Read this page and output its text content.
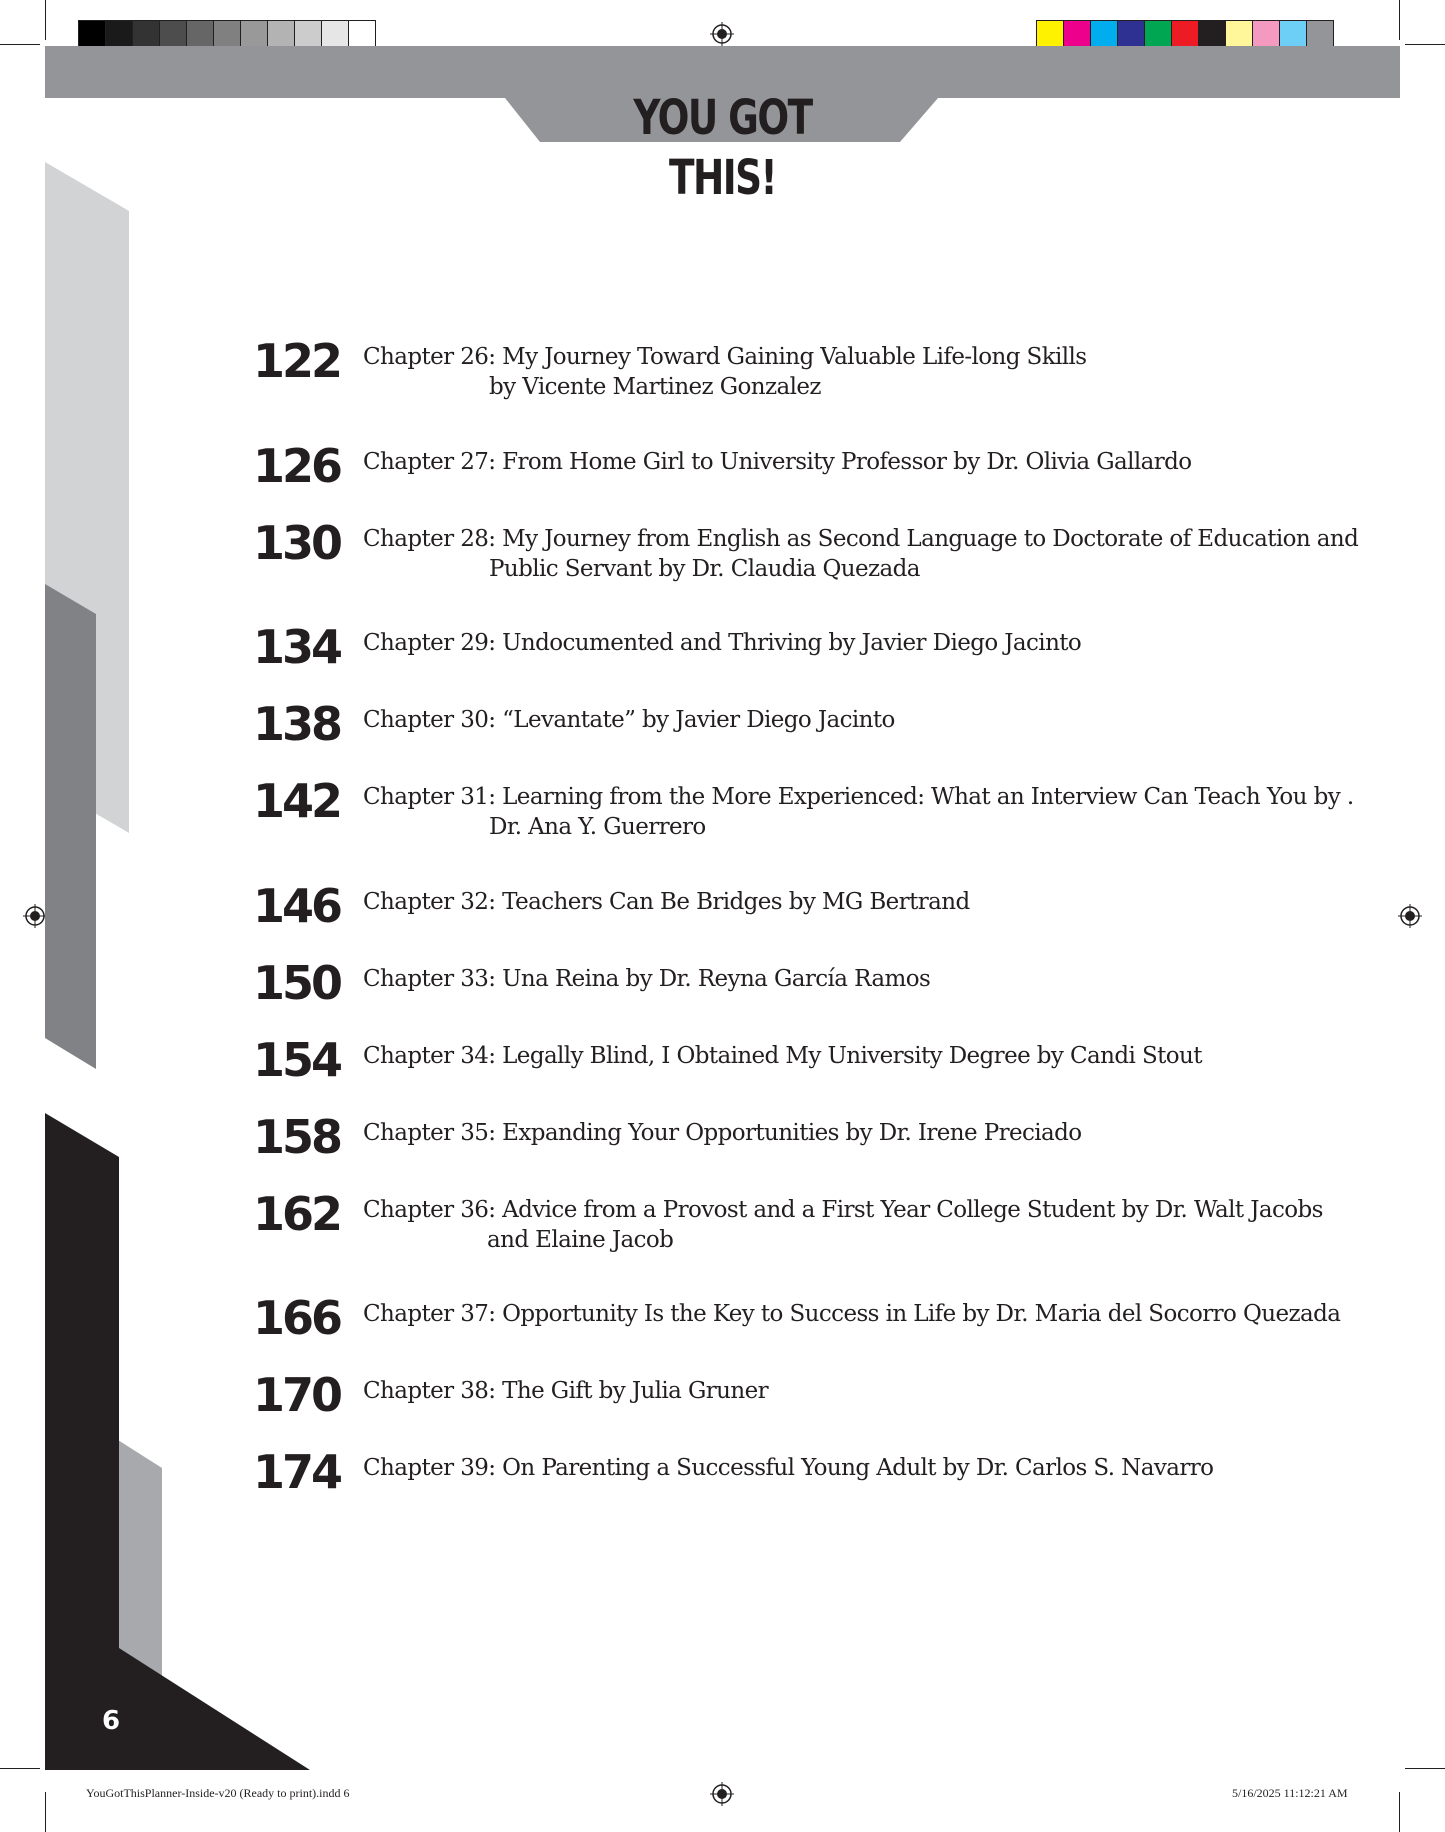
YOU GOT THIS!
122 Chapter 26: My Journey Toward Gaining Valuable Life-long Skills
by Vicente Martinez Gonzalez
126 Chapter 27: From Home Girl to University Professor by Dr. Olivia Gallardo
130 Chapter 28: My Journey from English as Second Language to Doctorate of Education and
Public Servant by Dr. Claudia Quezada
134 Chapter 29: Undocumented and Thriving by Javier Diego Jacinto
138 Chapter 30: “Levantate” by Javier Diego Jacinto
142 Chapter 31: Learning from the More Experienced: What an Interview Can Teach You by .
Dr. Ana Y. Guerrero
146 Chapter 32: Teachers Can Be Bridges by MG Bertrand
150 Chapter 33: Una Reina by Dr. Reyna García Ramos
154 Chapter 34: Legally Blind, I Obtained My University Degree by Candi Stout
158 Chapter 35: Expanding Your Opportunities by Dr. Irene Preciado
162 Chapter 36: Advice from a Provost and a First Year College Student by Dr. Walt Jacobs
and Elaine Jacob
166 Chapter 37: Opportunity Is the Key to Success in Life by Dr. Maria del Socorro Quezada
170 Chapter 38: The Gift by Julia Gruner
174 Chapter 39: On Parenting a Successful Young Adult by Dr. Carlos S. Navarro
6
YouGotThisPlanner-Inside-v20 (Ready to print).indd 6	5/16/2025 11:12:21 AM
